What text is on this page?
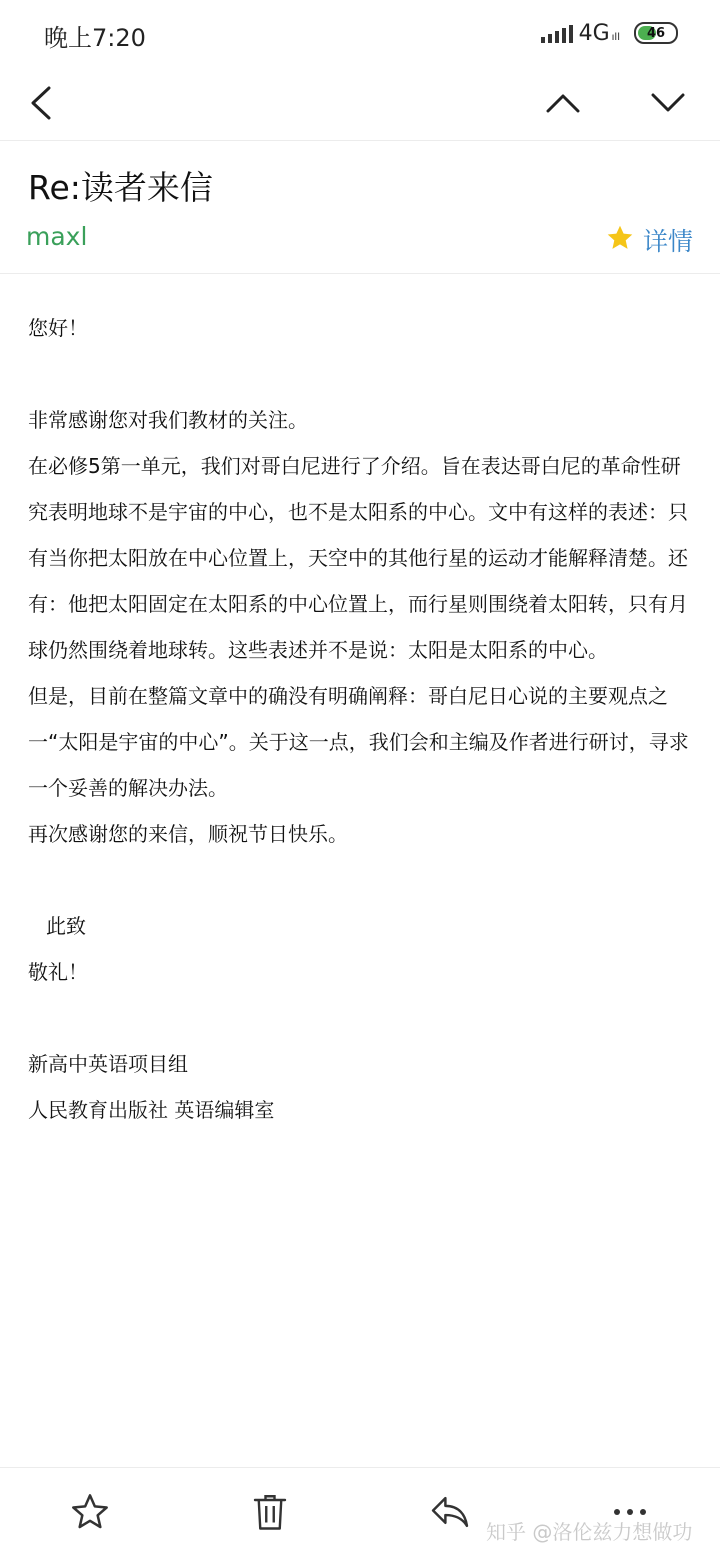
晚上7:20	4G ıll 46
Re:读者来信
maxl	详情

您好！

非常感谢您对我们教材的关注。

在必修5第一单元，我们对哥白尼进行了介绍。旨在表达哥白尼的革命性研究表明地球不是宇宙的中心，也不是太阳系的中心。文中有这样的表述：只有当你把太阳放在中心位置上，天空中的其他行星的运动才能解释清楚。还有：他把太阳固定在太阳系的中心位置上，而行星则围绕着太阳转，只有月球仍然围绕着地球转。这些表述并不是说：太阳是太阳系的中心。

但是，目前在整篇文章中的确没有明确阐释：哥白尼日心说的主要观点之一“太阳是宇宙的中心”。关于这一点，我们会和主编及作者进行研讨，寻求一个妥善的解决办法。

再次感谢您的来信，顺祝节日快乐。

此致

敬礼！

新高中英语项目组

人民教育出版社 英语编辑室

知乎 @洛伦兹力想做功
